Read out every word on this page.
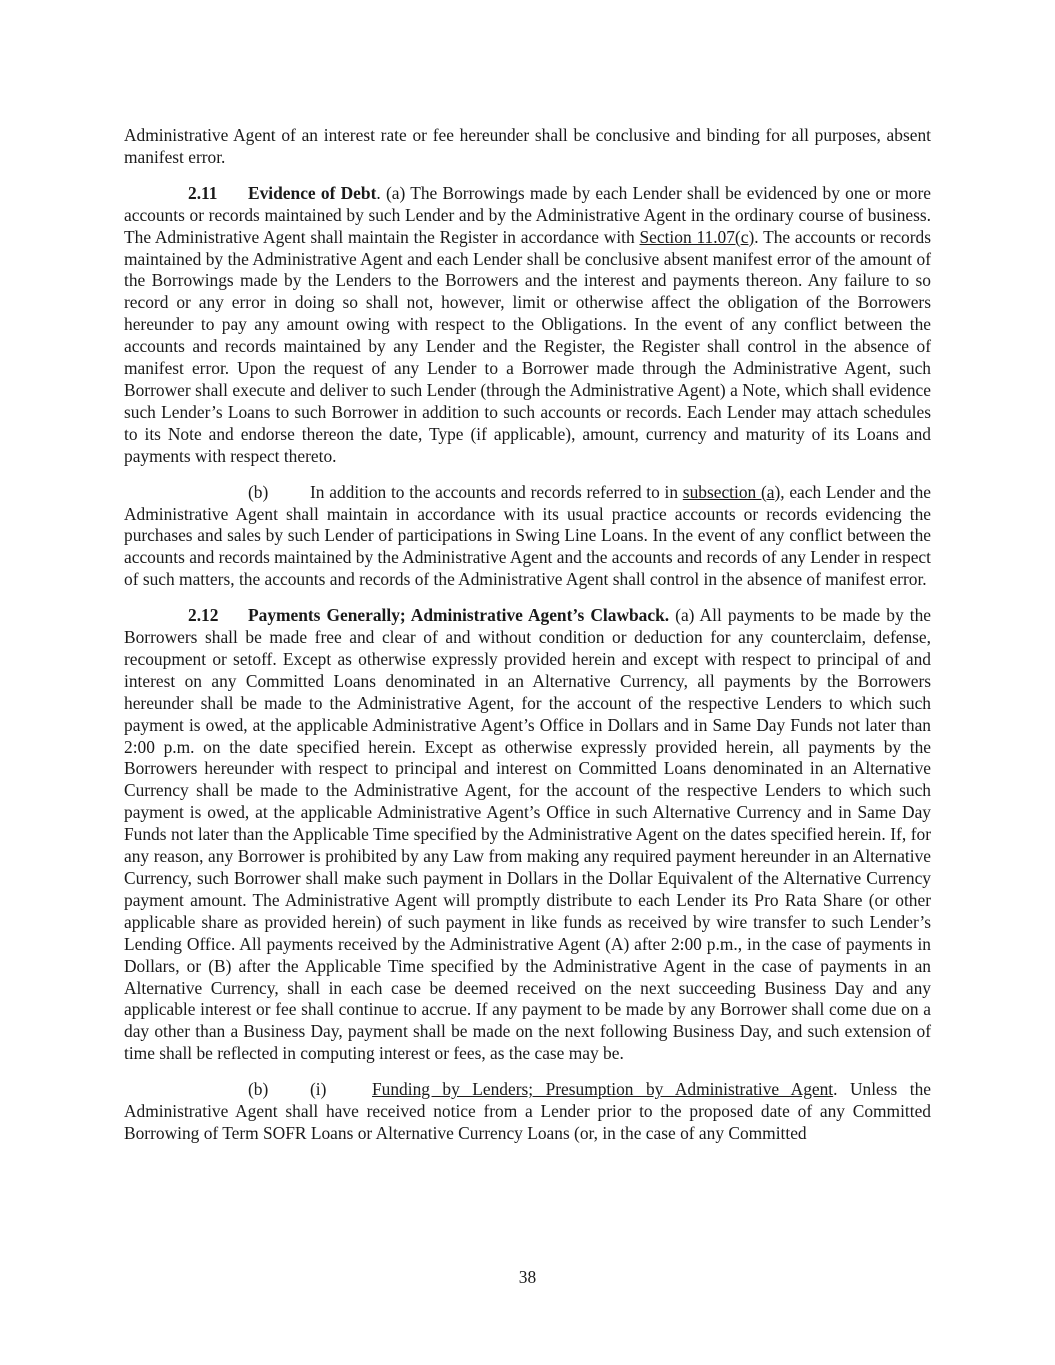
Administrative Agent of an interest rate or fee hereunder shall be conclusive and binding for all purposes, absent manifest error.

2.11 Evidence of Debt. (a) The Borrowings made by each Lender shall be evidenced by one or more accounts or records maintained by such Lender and by the Administrative Agent in the ordinary course of business. The Administrative Agent shall maintain the Register in accordance with Section 11.07(c). The accounts or records maintained by the Administrative Agent and each Lender shall be conclusive absent manifest error of the amount of the Borrowings made by the Lenders to the Borrowers and the interest and payments thereon. Any failure to so record or any error in doing so shall not, however, limit or otherwise affect the obligation of the Borrowers hereunder to pay any amount owing with respect to the Obligations. In the event of any conflict between the accounts and records maintained by any Lender and the Register, the Register shall control in the absence of manifest error. Upon the request of any Lender to a Borrower made through the Administrative Agent, such Borrower shall execute and deliver to such Lender (through the Administrative Agent) a Note, which shall evidence such Lender’s Loans to such Borrower in addition to such accounts or records. Each Lender may attach schedules to its Note and endorse thereon the date, Type (if applicable), amount, currency and maturity of its Loans and payments with respect thereto.

(b) In addition to the accounts and records referred to in subsection (a), each Lender and the Administrative Agent shall maintain in accordance with its usual practice accounts or records evidencing the purchases and sales by such Lender of participations in Swing Line Loans. In the event of any conflict between the accounts and records maintained by the Administrative Agent and the accounts and records of any Lender in respect of such matters, the accounts and records of the Administrative Agent shall control in the absence of manifest error.

2.12 Payments Generally; Administrative Agent’s Clawback. (a) All payments to be made by the Borrowers shall be made free and clear of and without condition or deduction for any counterclaim, defense, recoupment or setoff. Except as otherwise expressly provided herein and except with respect to principal of and interest on any Committed Loans denominated in an Alternative Currency, all payments by the Borrowers hereunder shall be made to the Administrative Agent, for the account of the respective Lenders to which such payment is owed, at the applicable Administrative Agent’s Office in Dollars and in Same Day Funds not later than 2:00 p.m. on the date specified herein. Except as otherwise expressly provided herein, all payments by the Borrowers hereunder with respect to principal and interest on Committed Loans denominated in an Alternative Currency shall be made to the Administrative Agent, for the account of the respective Lenders to which such payment is owed, at the applicable Administrative Agent’s Office in such Alternative Currency and in Same Day Funds not later than the Applicable Time specified by the Administrative Agent on the dates specified herein. If, for any reason, any Borrower is prohibited by any Law from making any required payment hereunder in an Alternative Currency, such Borrower shall make such payment in Dollars in the Dollar Equivalent of the Alternative Currency payment amount. The Administrative Agent will promptly distribute to each Lender its Pro Rata Share (or other applicable share as provided herein) of such payment in like funds as received by wire transfer to such Lender’s Lending Office. All payments received by the Administrative Agent (A) after 2:00 p.m., in the case of payments in Dollars, or (B) after the Applicable Time specified by the Administrative Agent in the case of payments in an Alternative Currency, shall in each case be deemed received on the next succeeding Business Day and any applicable interest or fee shall continue to accrue. If any payment to be made by any Borrower shall come due on a day other than a Business Day, payment shall be made on the next following Business Day, and such extension of time shall be reflected in computing interest or fees, as the case may be.

(b) (i)	Funding by Lenders; Presumption by Administrative Agent. Unless the Administrative Agent shall have received notice from a Lender prior to the proposed date of any Committed Borrowing of Term SOFR Loans or Alternative Currency Loans (or, in the case of any Committed

38
